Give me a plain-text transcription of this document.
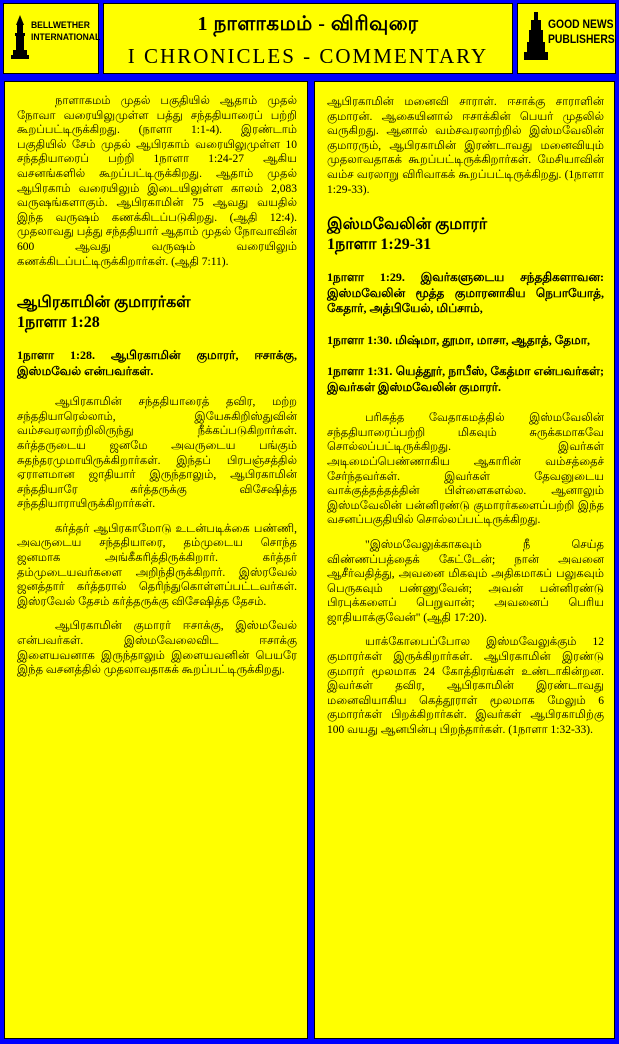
BELLWETHER
INTERNATIONAL
1 நாளாகமம் - விரிவுரை
I CHRONICLES - COMMENTARY
GOOD NEWS
PUBLISHERS

நாளாகமம் முதல் பகுதியில் ஆதாம் முதல் நோவா வரையிலுமுள்ள பத்து சந்ததியாரைப் பற்றி கூறப்பட்டிருக்கிறது. (நாளா 1:1-4). இரண்டாம் பகுதியில் சேம் முதல் ஆபிரகாம் வரையிலுமுள்ள 10 சந்ததியாரைப் பற்றி 1நாளா 1:24-27 ஆகிய வசனங்களில் கூறப்பட்டிருக்கிறது. ஆதாம் முதல் ஆபிரகாம் வரையிலும் இடையிலுள்ள காலம் 2,083 வருஷங்களாகும். ஆபிரகாமின் 75 ஆவது வயதில் இந்த வருஷம் கணக்கிடப்படுகிறது. (ஆதி 12:4). முதலாவது பத்து சந்ததியார் ஆதாம் முதல் நோவாவின் 600 ஆவது வருஷம் வரையிலும் கணக்கிடப்பட்டிருக்கிறார்கள். (ஆதி 7:11).

ஆபிரகாமின் குமாரர்கள்
1நாளா 1:28

1நாளா 1:28. ஆபிரகாமின் குமாரர், ஈசாக்கு, இஸ்மவேல் என்பவர்கள்.

ஆபிரகாமின் சந்ததியாரைத் தவிர, மற்ற சந்ததியாரெல்லாம், இயேசுகிறிஸ்துவின் வம்சவரலாற்றிலிருந்து நீக்கப்படுகிறார்கள். கர்த்தருடைய ஜனமே அவருடைய பங்கும் சுதந்தரமுமாயிருக்கிறார்கள். இந்தப் பிரபஞ்சத்தில் ஏராளமான ஜாதியார் இருந்தாலும், ஆபிரகாமின் சந்ததியாரே கர்த்தருக்கு விசேஷித்த சந்ததியாராயிருக்கிறார்கள்.

கர்த்தர் ஆபிரகாமோடு உடன்படிக்கை பண்ணி, அவருடைய சந்ததியாரை, தம்முடைய சொந்த ஜனமாக அங்கீகரித்திருக்கிறார். கர்த்தர் தம்முடையவர்களை அறிந்திருக்கிறார். இஸ்ரவேல் ஜனத்தார் கர்த்தரால் தெரிந்துகொள்ளப்பட்டவர்கள். இஸ்ரவேல் தேசம் கர்த்தருக்கு விசேஷித்த தேசம்.

ஆபிரகாமின் குமாரர் ஈசாக்கு, இஸ்மவேல் என்பவர்கள். இஸ்மவேலைவிட ஈசாக்கு இளையவனாக இருந்தாலும் இளையவனின் பெயரே இந்த வசனத்தில் முதலாவதாகக் கூறப்பட்டிருக்கிறது.

ஆபிரகாமின் மனைவி சாராள். ஈசாக்கு சாராளின் குமாரன். ஆகையினால் ஈசாக்கின் பெயர் முதலில் வருகிறது. ஆனால் வம்சவரலாற்றில் இஸ்மவேலின் குமாரரும், ஆபிரகாமின் இரண்டாவது மனைவியும் முதலாவதாகக் கூறப்பட்டிருக்கிறார்கள். மேசியாவின் வம்ச வரலாறு விரிவாகக் கூறப்பட்டிருக்கிறது. (1நாளா 1:29-33).

இஸ்மவேலின் குமாரர்
1நாளா 1:29-31

1நாளா 1:29. இவர்களுடைய சந்ததிகளாவன: இஸ்மவேலின் மூத்த குமாரனாகிய நெபாயோத், கேதார், அத்பியேல், மிப்சாம்,

1நாளா 1:30. மிஷ்மா, தூமா, மாசா, ஆதாத், தேமா,

1நாளா 1:31. யெத்தூர், நாபீஸ், கேத்மா என்பவர்கள்; இவர்கள் இஸ்மவேலின் குமாரர்.

பரிசுத்த வேதாகமத்தில் இஸ்மவேலின் சந்ததியாரைப்பற்றி மிகவும் சுருக்கமாகவே சொல்லப்பட்டிருக்கிறது. இவர்கள் அடிமைப்பெண்ணாகிய ஆகாரின் வம்சத்தைச் சேர்ந்தவர்கள். இவர்கள் தேவனுடைய வாக்குத்தத்தத்தின் பிள்ளைகளல்ல. ஆனாலும் இஸ்மவேலின் பன்னிரண்டு குமாரர்களைப்பற்றி இந்த வசனப்பகுதியில் சொல்லப்பட்டிருக்கிறது.

"இஸ்மவேலுக்காகவும் நீ செய்த விண்ணப்பத்தைக் கேட்டேன்; நான் அவனை ஆசீர்வதித்து, அவனை மிகவும் அதிகமாகப் பலுகவும் பெருகவும் பண்ணுவேன்; அவன் பன்னிரண்டு பிரபுக்களைப் பெறுவான்; அவனைப் பெரிய ஜாதியாக்குவேன்" (ஆதி 17:20).

யாக்கோபைப்போல இஸ்மவேலுக்கும் 12 குமாரர்கள் இருக்கிறார்கள். ஆபிரகாமின் இரண்டு குமாரர் மூலமாக 24 கோத்திரங்கள் உண்டாகின்றன. இவர்கள் தவிர, ஆபிரகாமின் இரண்டாவது மனைவியாகிய கெத்தூராள் மூலமாக மேலும் 6 குமாரர்கள் பிறக்கிறார்கள். இவர்கள் ஆபிரகாமிற்கு 100 வயது ஆனபின்பு பிறந்தார்கள். (1நாளா 1:32-33).
